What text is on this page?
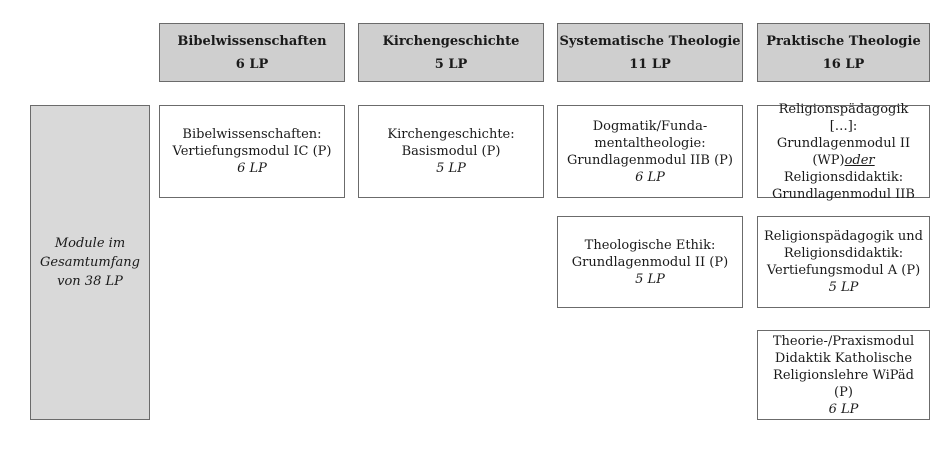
Bibelwissenschaften
6 LP
Kirchengeschichte
5 LP
Systematische Theologie
11 LP
Praktische Theologie
16 LP
Module im
Gesamtumfang
von 38 LP
Bibelwissenschaften:
Vertiefungsmodul IC (P)
6 LP
Kirchengeschichte:
Basismodul (P)
5 LP
Dogmatik/Funda-
mentaltheologie:
Grundlagenmodul IIB (P)
6 LP
Theologische Ethik:
Grundlagenmodul II (P)
5 LP
Religionspädagogik […]:
Grundlagenmodul II
(WP)oder
Religionsdidaktik:
Grundlagenmodul IIB
Religionspädagogik und
Religionsdidaktik:
Vertiefungsmodul A (P)
5 LP
Theorie-/Praxismodul
Didaktik Katholische
Religionslehre WiPäd (P)
6 LP
